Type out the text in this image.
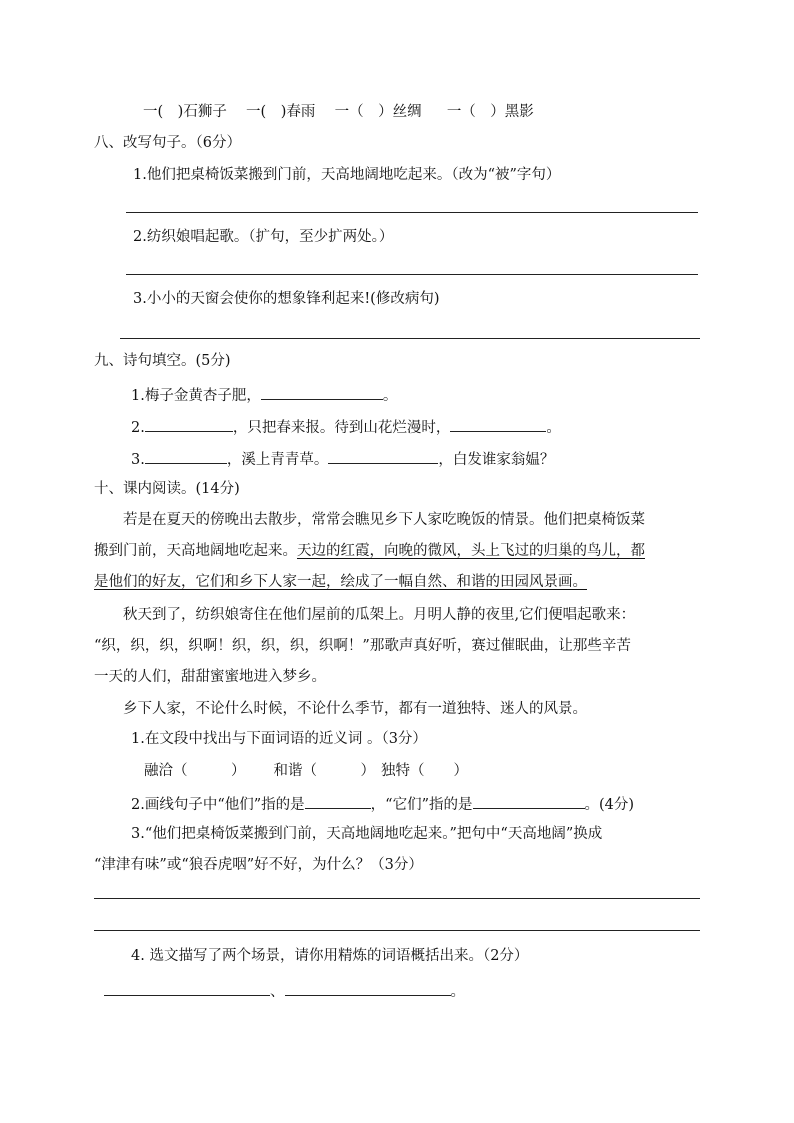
一(　)石狮子 一(　)春雨 一（　）丝绸 一（　）黑影
八、改写句子。（6分）
1.他们把桌椅饭菜搬到门前，天高地阔地吃起来。（改为“被”字句）
2.纺织娘唱起歌。（扩句，至少扩两处。）
3.小小的天窗会使你的想象锋利起来!(修改病句)
九、诗句填空。(5分)
1.梅子金黄杏子肥，	。
2.	，只把春来报。待到山花烂漫时，	。
3.	，溪上青青草。	，白发谁家翁媪？
十、课内阅读。(14分)
若是在夏天的傍晚出去散步，常常会瞧见乡下人家吃晚饭的情景。他们把桌椅饭菜
搬到门前，天高地阔地吃起来。天边的红霞，向晚的微风，头上飞过的归巢的鸟儿，都
是他们的好友，它们和乡下人家一起，绘成了一幅自然、和谐的田园风景画。
秋天到了，纺织娘寄住在他们屋前的瓜架上。月明人静的夜里,它们便唱起歌来：
“织，织，织，织啊！织，织，织，织啊！”那歌声真好听，赛过催眠曲，让那些辛苦
一天的人们，甜甜蜜蜜地进入梦乡。
乡下人家，不论什么时候，不论什么季节，都有一道独特、迷人的风景。
1.在文段中找出与下面词语的近义词 。（3分）
融洽（　　　） 和谐（　　　） 独特（　　）
2.画线句子中“他们”指的是	，“它们”指的是	。(4分)
3.“他们把桌椅饭菜搬到门前，天高地阔地吃起来。”把句中“天高地阔”换成
“津津有味”或“狼吞虎咽”好不好，为什么？（3分）
4. 选文描写了两个场景，请你用精炼的词语概括出来。（2分）
、	。
